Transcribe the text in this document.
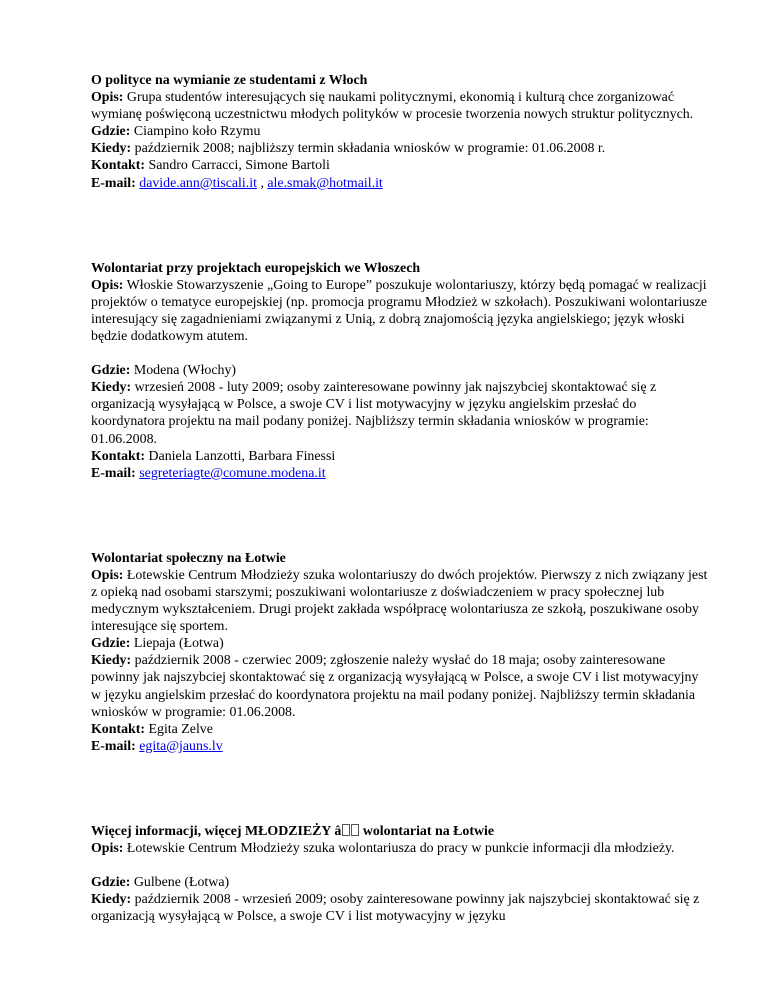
O polityce na wymianie ze studentami z Włoch

Opis: Grupa studentów interesujących się naukami politycznymi, ekonomią i kulturą chce zorganizować wymianę poświęconą uczestnictwu młodych polityków w procesie tworzenia nowych struktur politycznych.

Gdzie: Ciampino koło Rzymu

Kiedy: październik 2008; najbliższy termin składania wniosków w programie: 01.06.2008 r.

Kontakt: Sandro Carracci, Simone Bartoli

E-mail: davide.ann@tiscali.it , ale.smak@hotmail.it

Wolontariat przy projektach europejskich we Włoszech

Opis: Włoskie Stowarzyszenie „Going to Europe” poszukuje wolontariuszy, którzy będą pomagać w realizacji projektów o tematyce europejskiej (np. promocja programu Młodzież w szkołach). Poszukiwani wolontariusze interesujący się zagadnieniami związanymi z Unią, z dobrą znajomością języka angielskiego; język włoski będzie dodatkowym atutem.

Gdzie: Modena (Włochy)

Kiedy: wrzesień 2008 - luty 2009; osoby zainteresowane powinny jak najszybciej skontaktować się z organizacją wysyłającą w Polsce, a swoje CV i list motywacyjny w języku angielskim przesłać do koordynatora projektu na mail podany poniżej. Najbliższy termin składania wniosków w programie: 01.06.2008.

Kontakt: Daniela Lanzotti, Barbara Finessi

E-mail: segreteriagte@comune.modena.it

Wolontariat społeczny na Łotwie

Opis: Łotewskie Centrum Młodzieży szuka wolontariuszy do dwóch projektów. Pierwszy z nich związany jest z opieką nad osobami starszymi; poszukiwani wolontariusze z doświadczeniem w pracy społecznej lub medycznym wykształceniem. Drugi projekt zakłada współpracę wolontariusza ze szkołą, poszukiwane osoby interesujące się sportem.

Gdzie: Liepaja (Łotwa)

Kiedy: październik 2008 - czerwiec 2009; zgłoszenie należy wysłać do 18 maja; osoby zainteresowane powinny jak najszybciej skontaktować się z organizacją wysyłającą w Polsce, a swoje CV i list motywacyjny w języku angielskim przesłać do koordynatora projektu na mail podany poniżej. Najbliższy termin składania wniosków w programie: 01.06.2008.

Kontakt: Egita Zelve

E-mail: egita@jauns.lv

Więcej informacji, więcej MŁODZIEŻY â wolontariat na Łotwie

Opis: Łotewskie Centrum Młodzieży szuka wolontariusza do pracy w punkcie informacji dla młodzieży.

Gdzie: Gulbene (Łotwa)

Kiedy: październik 2008 - wrzesień 2009; osoby zainteresowane powinny jak najszybciej skontaktować się z organizacją wysyłającą w Polsce, a swoje CV i list motywacyjny w języku
